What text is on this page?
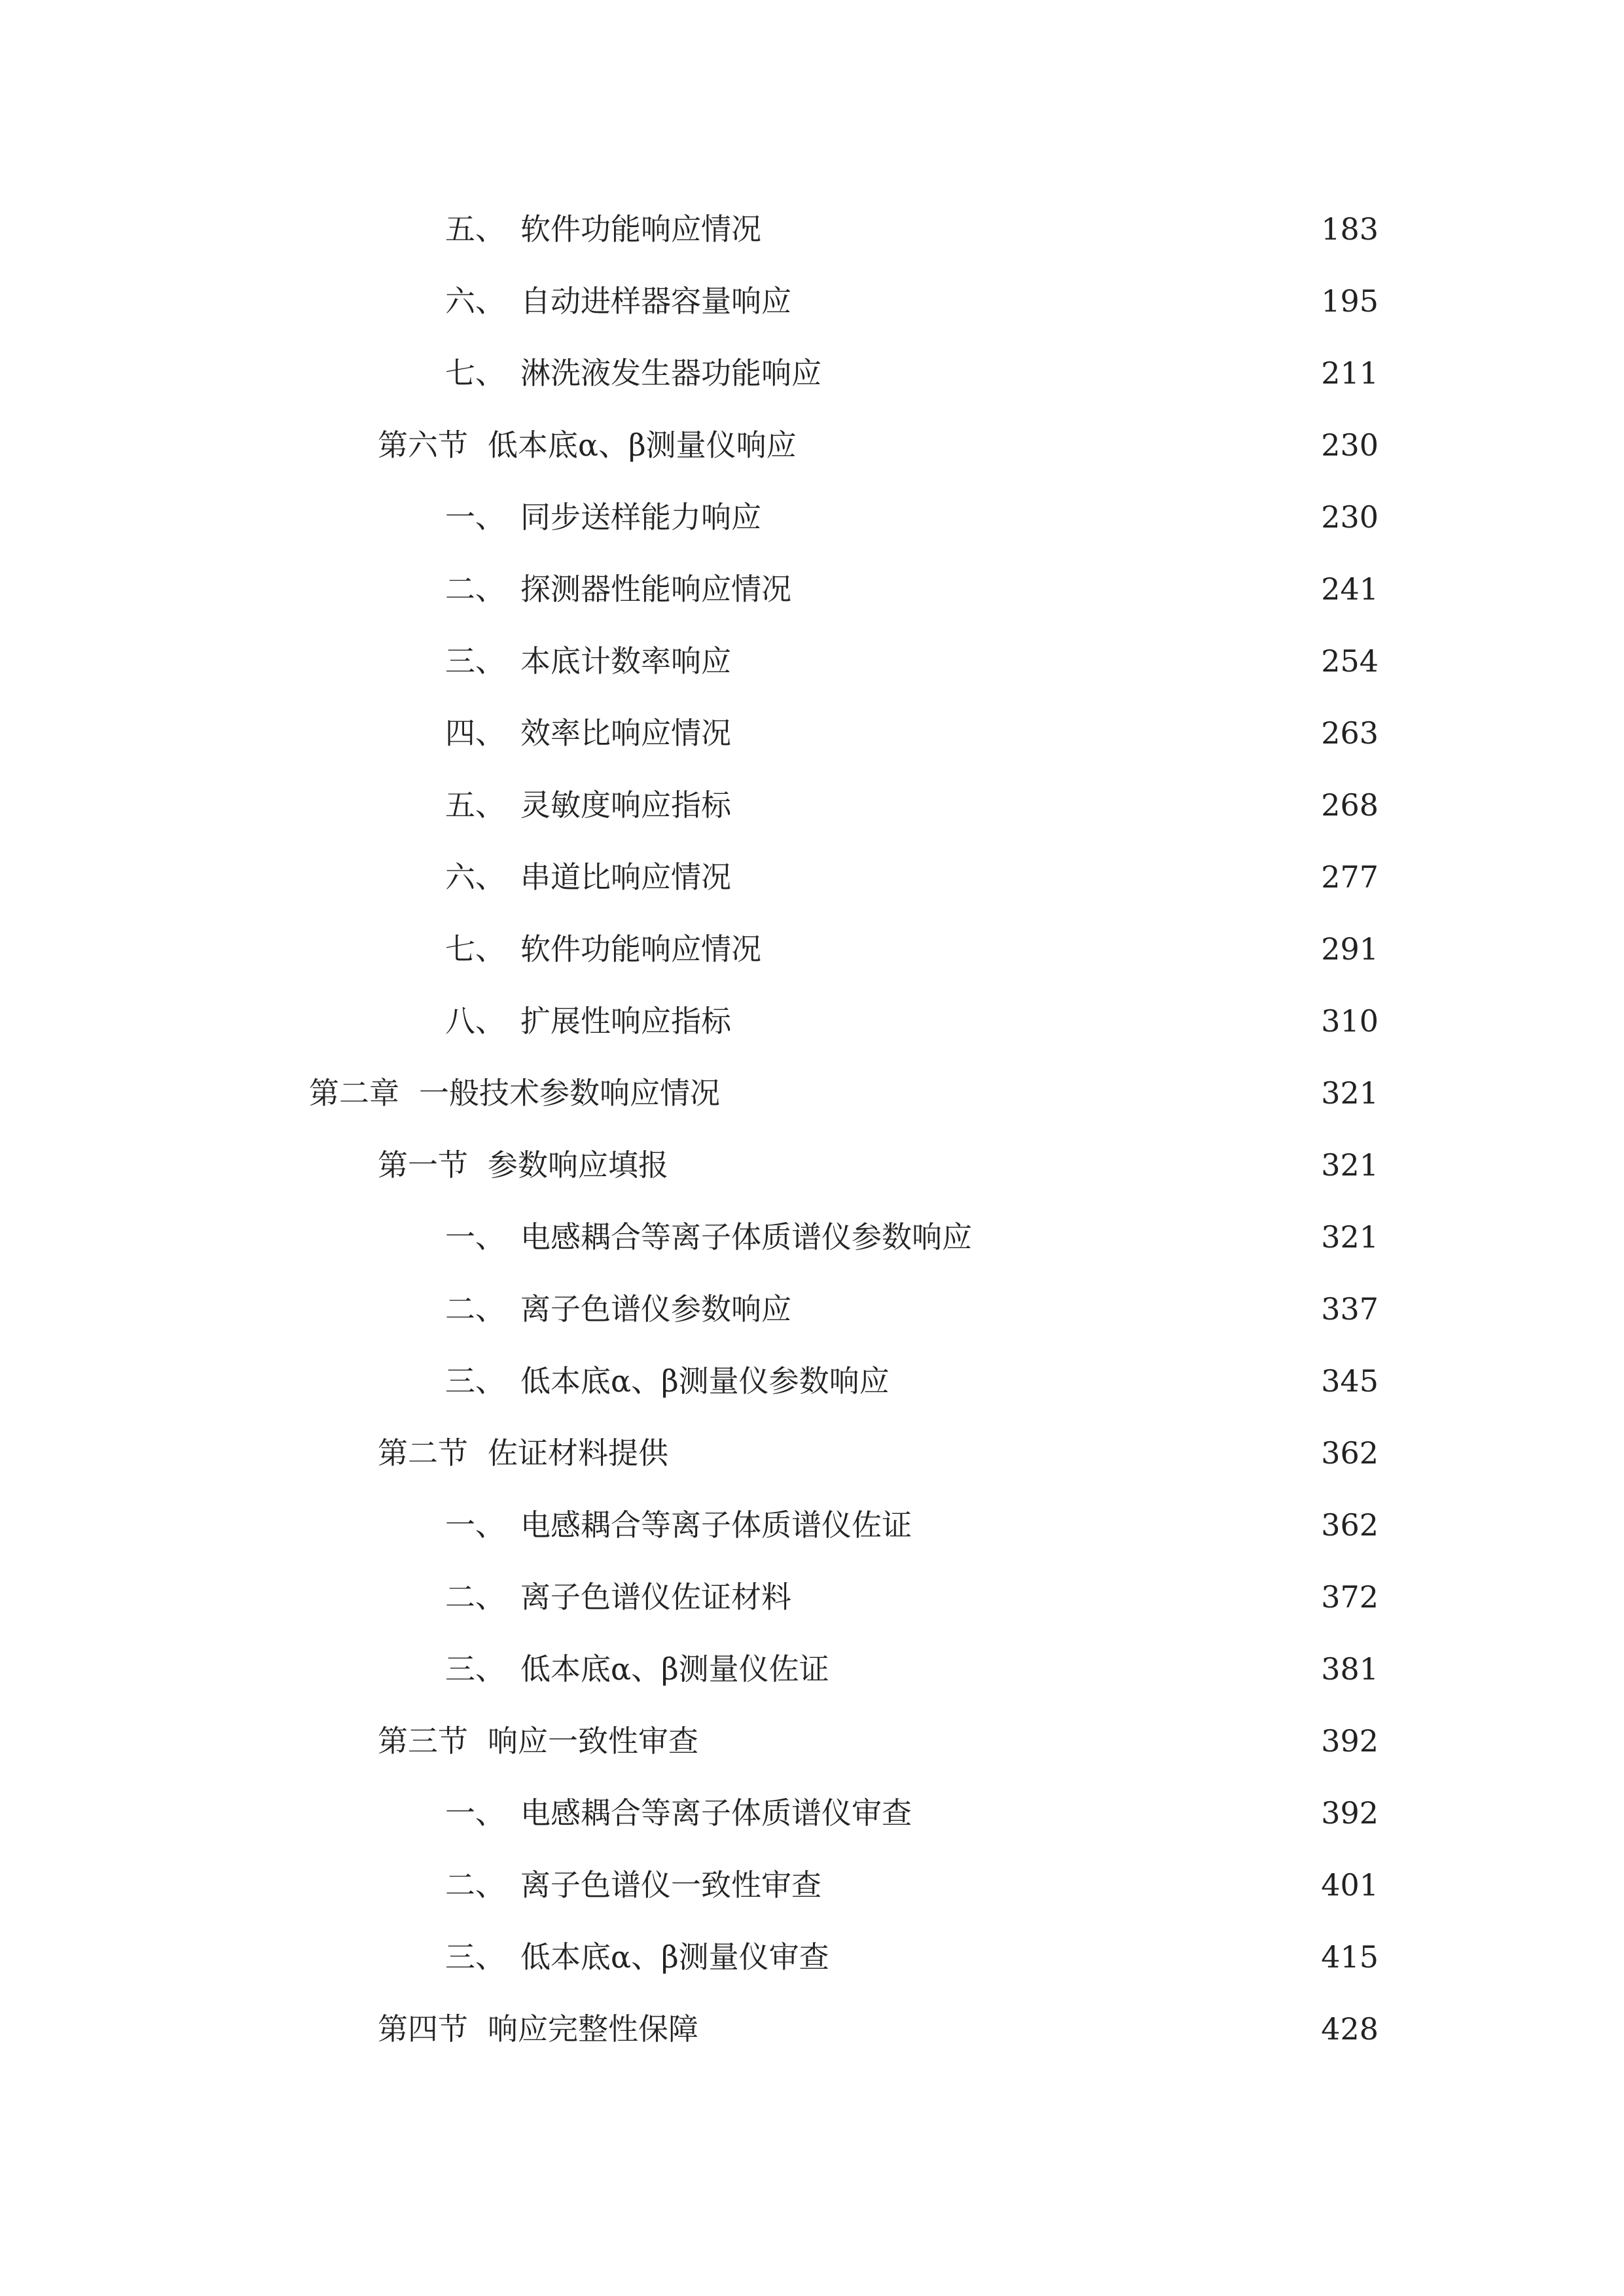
五、 软件功能响应情况	183
六、 自动进样器容量响应	195
七、 淋洗液发生器功能响应	211
第六节 低本底α、β测量仪响应	230
一、 同步送样能力响应	230
二、 探测器性能响应情况	241
三、 本底计数率响应	254
四、 效率比响应情况	263
五、 灵敏度响应指标	268
六、 串道比响应情况	277
七、 软件功能响应情况	291
八、 扩展性响应指标	310
第二章 一般技术参数响应情况	321
第一节 参数响应填报	321
一、 电感耦合等离子体质谱仪参数响应	321
二、 离子色谱仪参数响应	337
三、 低本底α、β测量仪参数响应	345
第二节 佐证材料提供	362
一、 电感耦合等离子体质谱仪佐证	362
二、 离子色谱仪佐证材料	372
三、 低本底α、β测量仪佐证	381
第三节 响应一致性审查	392
一、 电感耦合等离子体质谱仪审查	392
二、 离子色谱仪一致性审查	401
三、 低本底α、β测量仪审查	415
第四节 响应完整性保障	428
